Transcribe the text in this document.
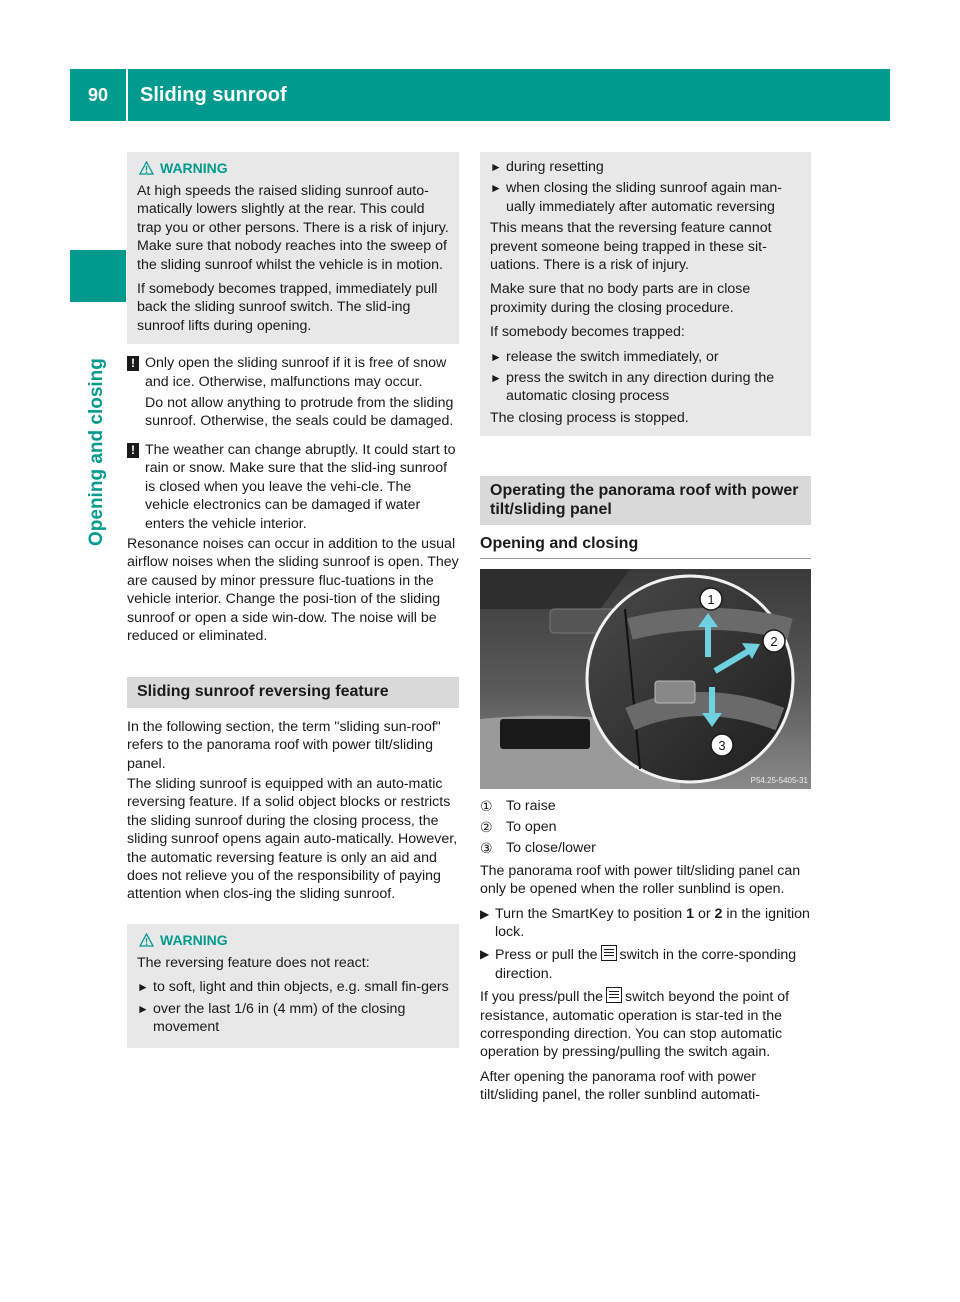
90	Sliding sunroof
Opening and closing
WARNING
At high speeds the raised sliding sunroof auto-matically lowers slightly at the rear. This could trap you or other persons. There is a risk of injury. Make sure that nobody reaches into the sweep of the sliding sunroof whilst the vehicle is in motion.
If somebody becomes trapped, immediately pull back the sliding sunroof switch. The slid-ing sunroof lifts during opening.
! Only open the sliding sunroof if it is free of snow and ice. Otherwise, malfunctions may occur.
Do not allow anything to protrude from the sliding sunroof. Otherwise, the seals could be damaged.
! The weather can change abruptly. It could start to rain or snow. Make sure that the slid-ing sunroof is closed when you leave the vehi-cle. The vehicle electronics can be damaged if water enters the vehicle interior.
Resonance noises can occur in addition to the usual airflow noises when the sliding sunroof is open. They are caused by minor pressure fluc-tuations in the vehicle interior. Change the posi-tion of the sliding sunroof or open a side win-dow. The noise will be reduced or eliminated.
Sliding sunroof reversing feature
In the following section, the term "sliding sun-roof" refers to the panorama roof with power tilt/sliding panel.
The sliding sunroof is equipped with an auto-matic reversing feature. If a solid object blocks or restricts the sliding sunroof during the closing process, the sliding sunroof opens again auto-matically. However, the automatic reversing feature is only an aid and does not relieve you of the responsibility of paying attention when clos-ing the sliding sunroof.
WARNING
The reversing feature does not react:
► to soft, light and thin objects, e.g. small fin-gers
► over the last 1/6 in (4 mm) of the closing movement
► during resetting
► when closing the sliding sunroof again man-ually immediately after automatic reversing
This means that the reversing feature cannot prevent someone being trapped in these sit-uations. There is a risk of injury.
Make sure that no body parts are in close proximity during the closing procedure.
If somebody becomes trapped:
► release the switch immediately, or
► press the switch in any direction during the automatic closing process
The closing process is stopped.
Operating the panorama roof with power tilt/sliding panel
Opening and closing
1
2
3
P54.25-5405-31
① To raise
② To open
③ To close/lower
The panorama roof with power tilt/sliding panel can only be opened when the roller sunblind is open.
▶ Turn the SmartKey to position 1 or 2 in the ignition lock.
▶ Press or pull the switch in the corre-sponding direction.
If you press/pull the switch beyond the point of resistance, automatic operation is star-ted in the corresponding direction. You can stop automatic operation by pressing/pulling the switch again.
After opening the panorama roof with power tilt/sliding panel, the roller sunblind automati-
